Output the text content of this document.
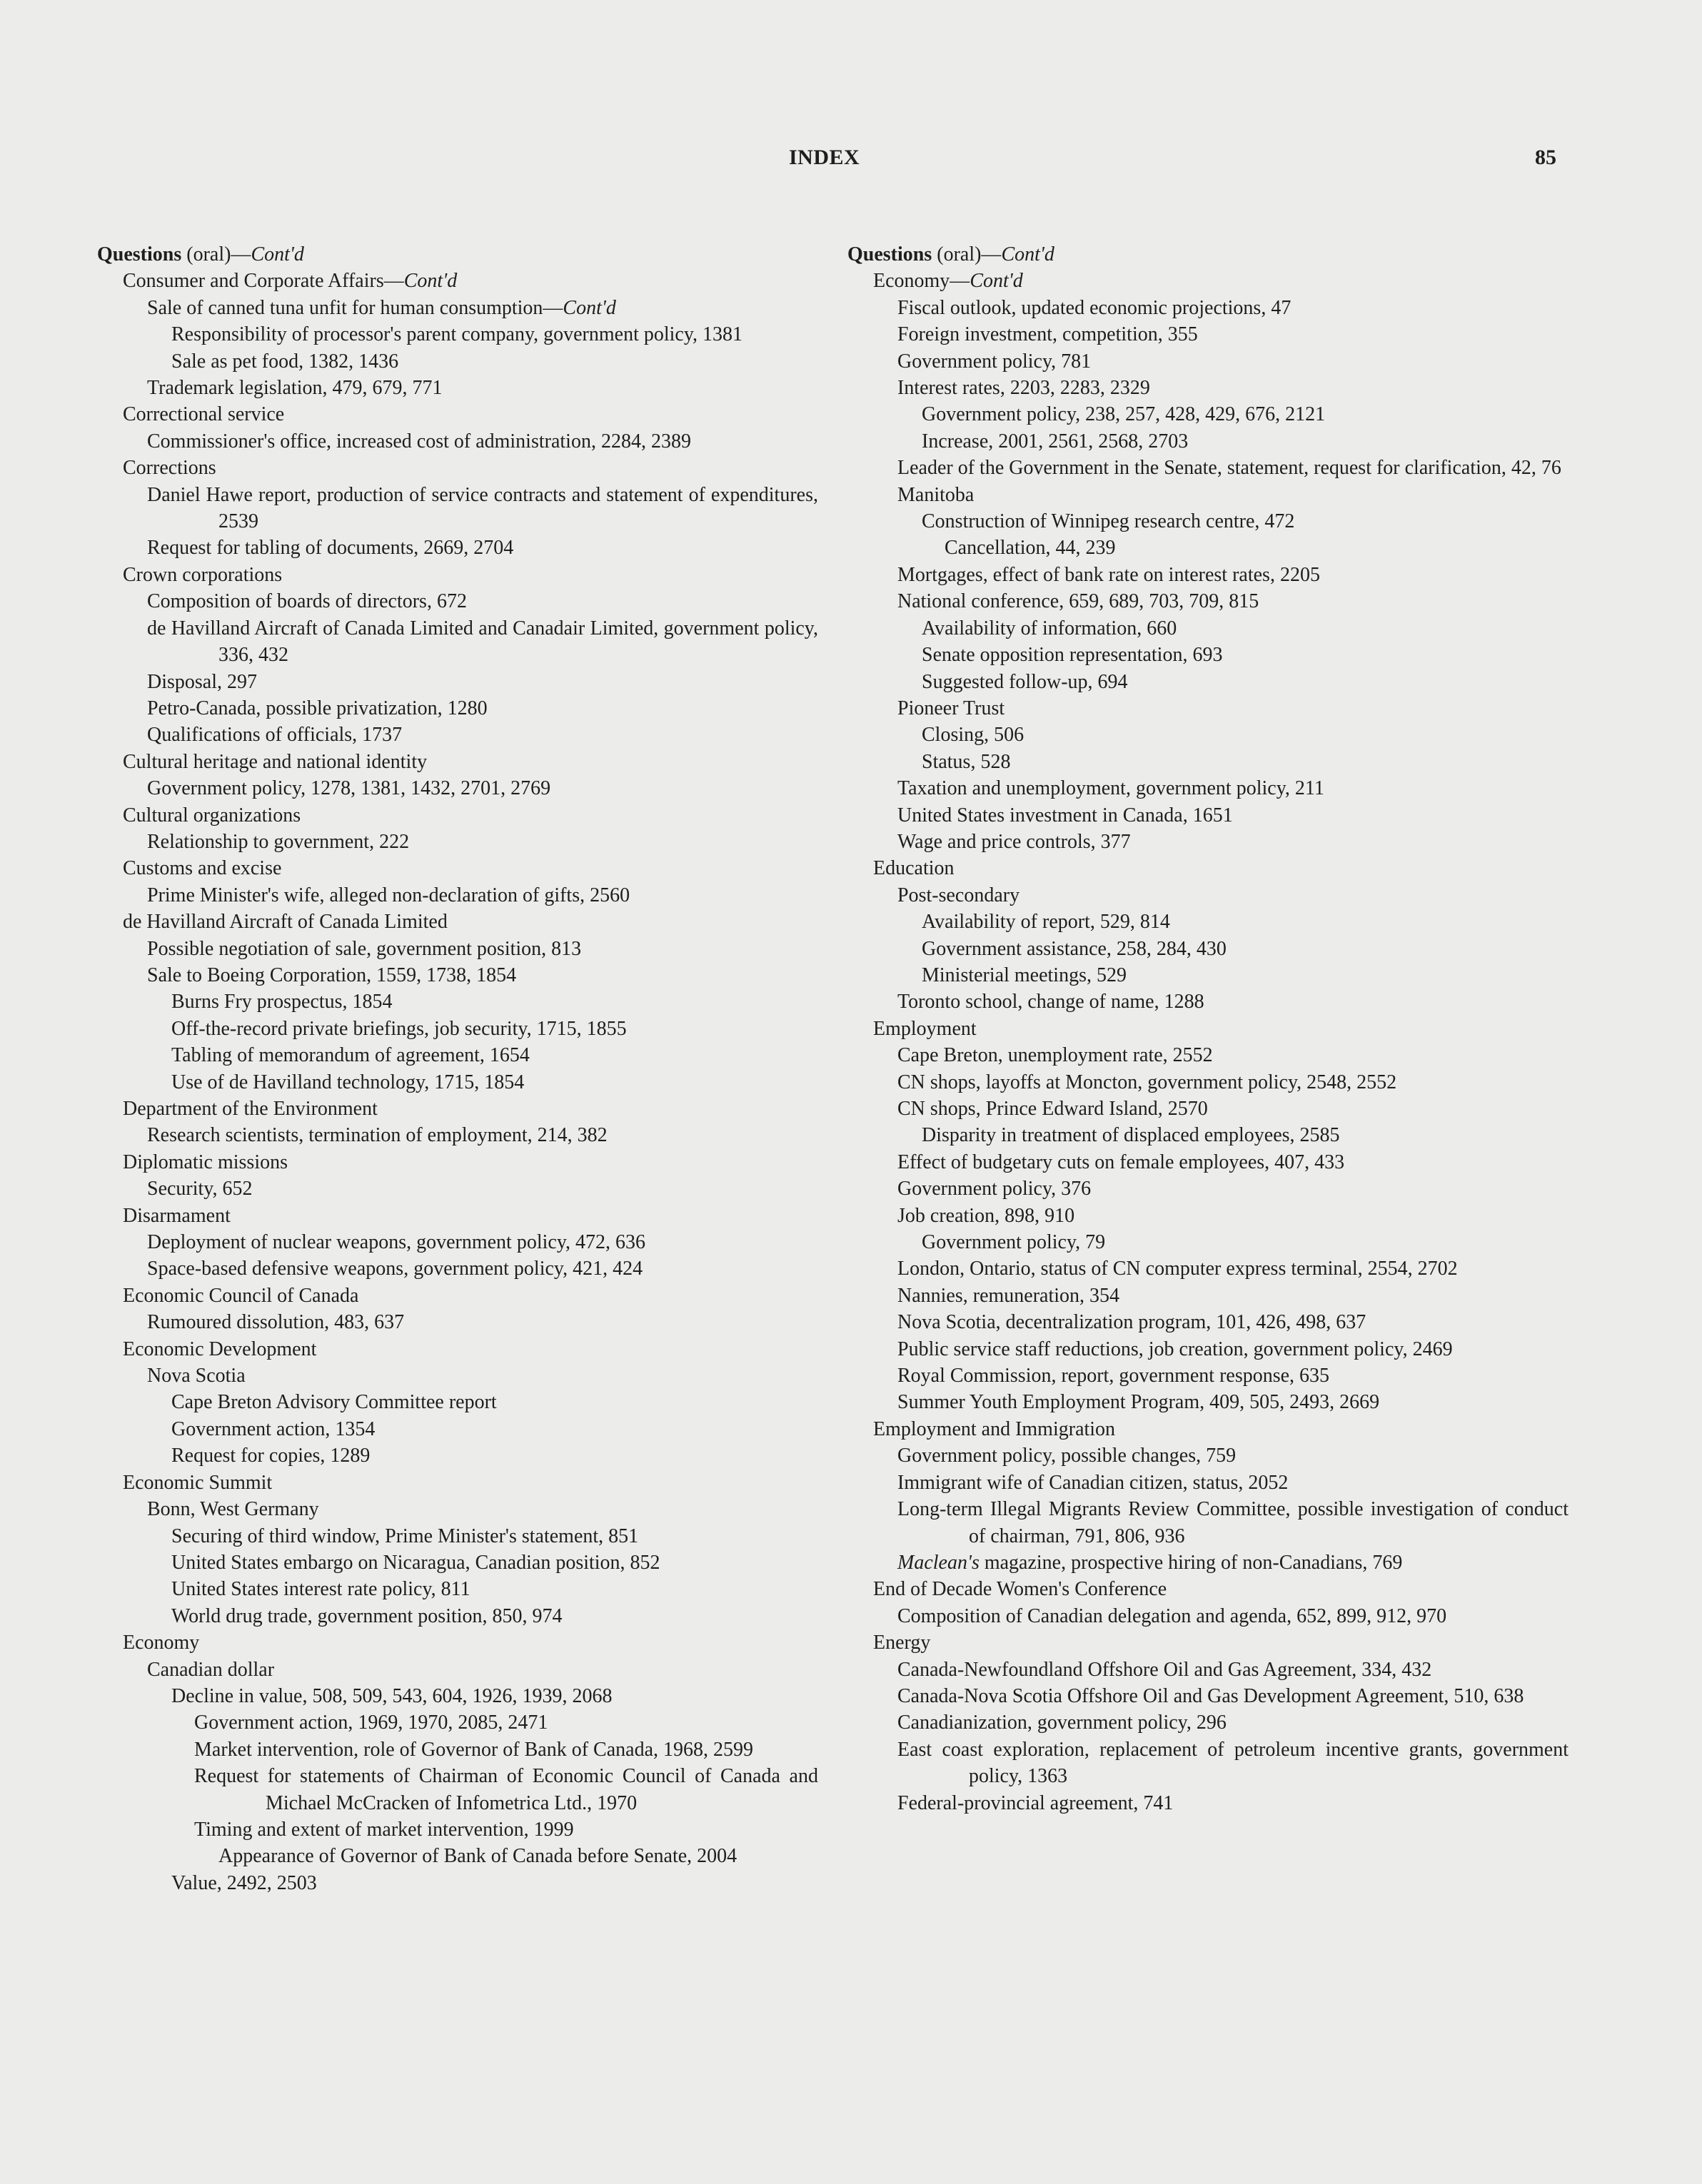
INDEX	85
Questions (oral)—Cont'd
Consumer and Corporate Affairs—Cont'd
Sale of canned tuna unfit for human consumption—Cont'd
Responsibility of processor's parent company, government policy, 1381
Sale as pet food, 1382, 1436
Trademark legislation, 479, 679, 771
Correctional service
Commissioner's office, increased cost of administration, 2284, 2389
Corrections
Daniel Hawe report, production of service contracts and statement of expenditures, 2539
Request for tabling of documents, 2669, 2704
Crown corporations
Composition of boards of directors, 672
de Havilland Aircraft of Canada Limited and Canadair Limited, government policy, 336, 432
Disposal, 297
Petro-Canada, possible privatization, 1280
Qualifications of officials, 1737
Cultural heritage and national identity
Government policy, 1278, 1381, 1432, 2701, 2769
Cultural organizations
Relationship to government, 222
Customs and excise
Prime Minister's wife, alleged non-declaration of gifts, 2560
de Havilland Aircraft of Canada Limited
Possible negotiation of sale, government position, 813
Sale to Boeing Corporation, 1559, 1738, 1854
Burns Fry prospectus, 1854
Off-the-record private briefings, job security, 1715, 1855
Tabling of memorandum of agreement, 1654
Use of de Havilland technology, 1715, 1854
Department of the Environment
Research scientists, termination of employment, 214, 382
Diplomatic missions
Security, 652
Disarmament
Deployment of nuclear weapons, government policy, 472, 636
Space-based defensive weapons, government policy, 421, 424
Economic Council of Canada
Rumoured dissolution, 483, 637
Economic Development
Nova Scotia
Cape Breton Advisory Committee report
Government action, 1354
Request for copies, 1289
Economic Summit
Bonn, West Germany
Securing of third window, Prime Minister's statement, 851
United States embargo on Nicaragua, Canadian position, 852
United States interest rate policy, 811
World drug trade, government position, 850, 974
Economy
Canadian dollar
Decline in value, 508, 509, 543, 604, 1926, 1939, 2068
Government action, 1969, 1970, 2085, 2471
Market intervention, role of Governor of Bank of Canada, 1968, 2599
Request for statements of Chairman of Economic Council of Canada and Michael McCracken of Infometrica Ltd., 1970
Timing and extent of market intervention, 1999
Appearance of Governor of Bank of Canada before Senate, 2004
Value, 2492, 2503
Questions (oral)—Cont'd
Economy—Cont'd
Fiscal outlook, updated economic projections, 47
Foreign investment, competition, 355
Government policy, 781
Interest rates, 2203, 2283, 2329
Government policy, 238, 257, 428, 429, 676, 2121
Increase, 2001, 2561, 2568, 2703
Leader of the Government in the Senate, statement, request for clarification, 42, 76
Manitoba
Construction of Winnipeg research centre, 472
Cancellation, 44, 239
Mortgages, effect of bank rate on interest rates, 2205
National conference, 659, 689, 703, 709, 815
Availability of information, 660
Senate opposition representation, 693
Suggested follow-up, 694
Pioneer Trust
Closing, 506
Status, 528
Taxation and unemployment, government policy, 211
United States investment in Canada, 1651
Wage and price controls, 377
Education
Post-secondary
Availability of report, 529, 814
Government assistance, 258, 284, 430
Ministerial meetings, 529
Toronto school, change of name, 1288
Employment
Cape Breton, unemployment rate, 2552
CN shops, layoffs at Moncton, government policy, 2548, 2552
CN shops, Prince Edward Island, 2570
Disparity in treatment of displaced employees, 2585
Effect of budgetary cuts on female employees, 407, 433
Government policy, 376
Job creation, 898, 910
Government policy, 79
London, Ontario, status of CN computer express terminal, 2554, 2702
Nannies, remuneration, 354
Nova Scotia, decentralization program, 101, 426, 498, 637
Public service staff reductions, job creation, government policy, 2469
Royal Commission, report, government response, 635
Summer Youth Employment Program, 409, 505, 2493, 2669
Employment and Immigration
Government policy, possible changes, 759
Immigrant wife of Canadian citizen, status, 2052
Long-term Illegal Migrants Review Committee, possible investigation of conduct of chairman, 791, 806, 936
Maclean's magazine, prospective hiring of non-Canadians, 769
End of Decade Women's Conference
Composition of Canadian delegation and agenda, 652, 899, 912, 970
Energy
Canada-Newfoundland Offshore Oil and Gas Agreement, 334, 432
Canada-Nova Scotia Offshore Oil and Gas Development Agreement, 510, 638
Canadianization, government policy, 296
East coast exploration, replacement of petroleum incentive grants, government policy, 1363
Federal-provincial agreement, 741
